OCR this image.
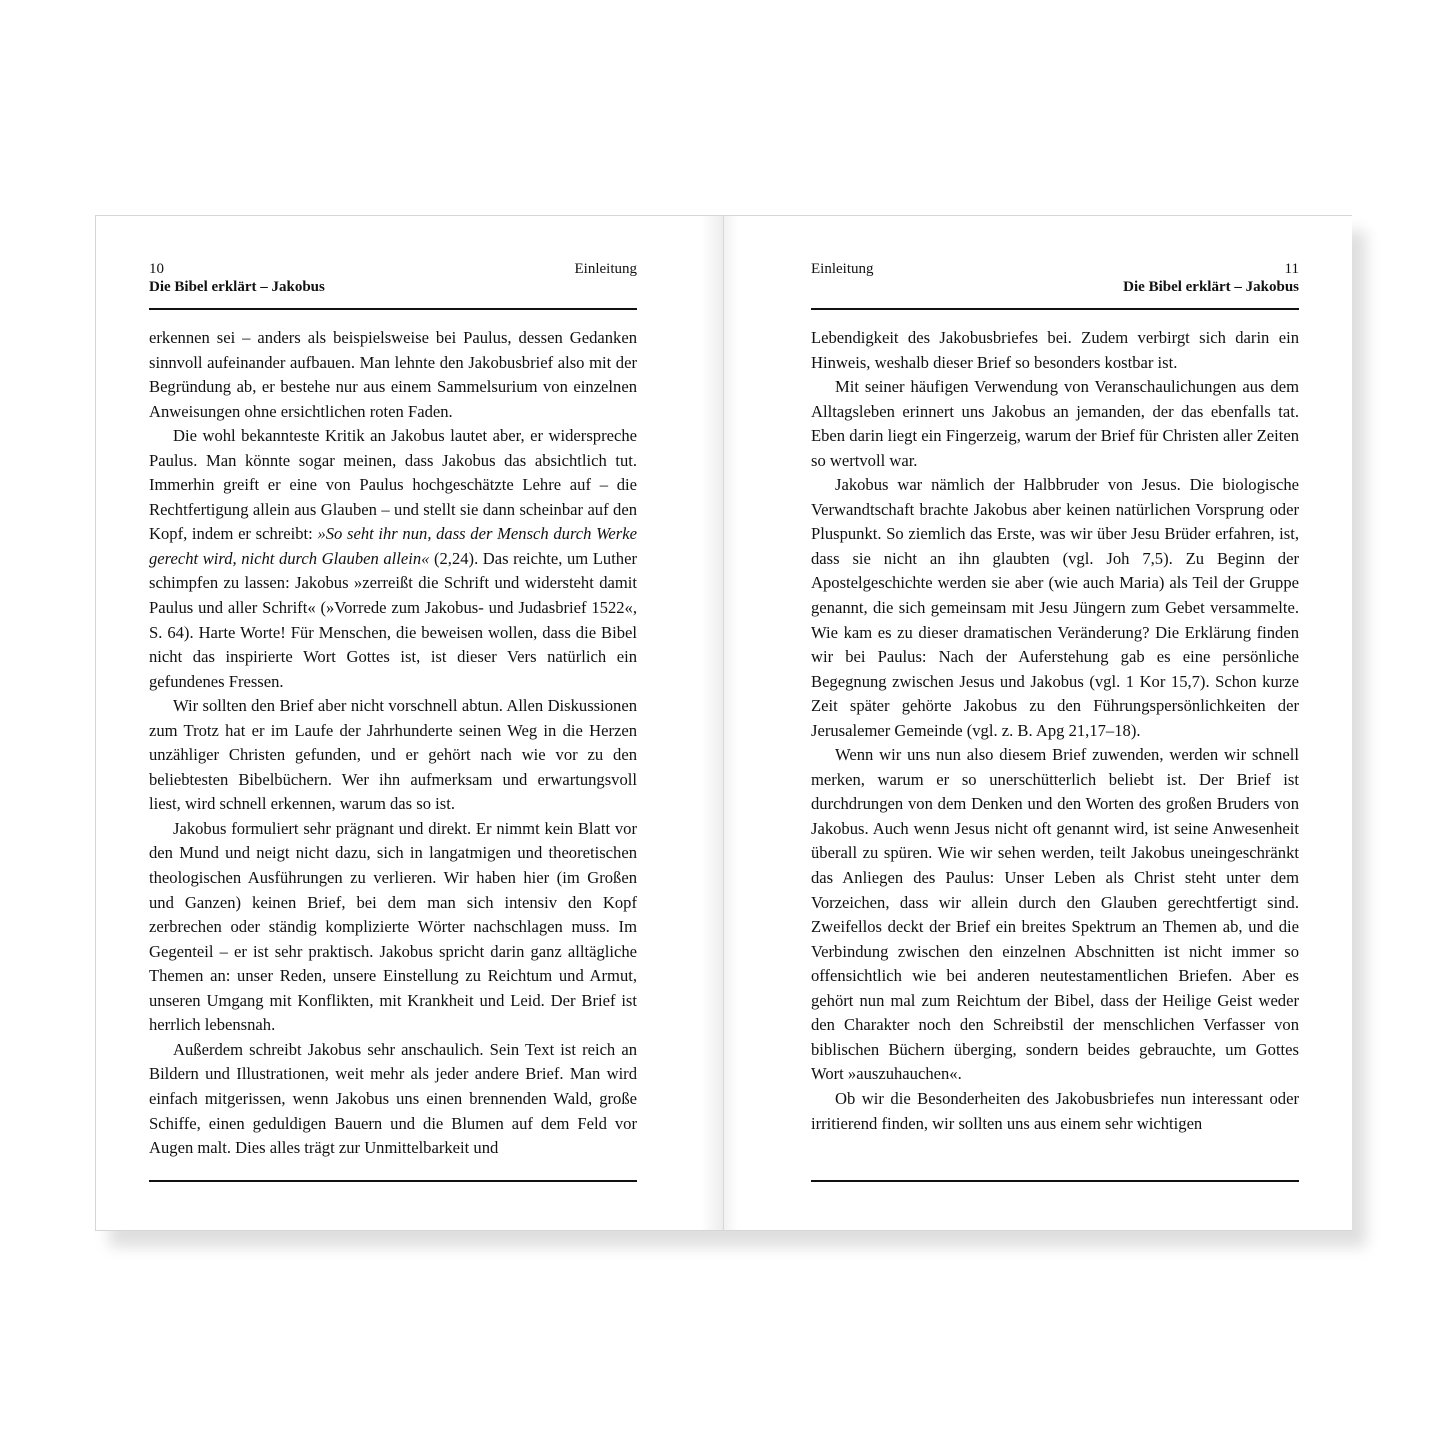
10
Die Bibel erklärt – Jakobus
Einleitung

erkennen sei – anders als beispielsweise bei Paulus, dessen Gedanken sinnvoll aufeinander aufbauen. Man lehnte den Jakobusbrief also mit der Begründung ab, er bestehe nur aus einem Sammelsurium von einzelnen Anweisungen ohne ersichtlichen roten Faden.

Die wohl bekannteste Kritik an Jakobus lautet aber, er widerspreche Paulus. Man könnte sogar meinen, dass Jakobus das absichtlich tut. Immerhin greift er eine von Paulus hochgeschätzte Lehre auf – die Rechtfertigung allein aus Glauben – und stellt sie dann scheinbar auf den Kopf, indem er schreibt: »So seht ihr nun, dass der Mensch durch Werke gerecht wird, nicht durch Glauben allein« (2,24). Das reichte, um Luther schimpfen zu lassen: Jakobus »zerreißt die Schrift und widersteht damit Paulus und aller Schrift« (»Vorrede zum Jakobus- und Judasbrief 1522«, S. 64). Harte Worte! Für Menschen, die beweisen wollen, dass die Bibel nicht das inspirierte Wort Gottes ist, ist dieser Vers natürlich ein gefundenes Fressen.

Wir sollten den Brief aber nicht vorschnell abtun. Allen Diskussionen zum Trotz hat er im Laufe der Jahrhunderte seinen Weg in die Herzen unzähliger Christen gefunden, und er gehört nach wie vor zu den beliebtesten Bibelbüchern. Wer ihn aufmerksam und erwartungsvoll liest, wird schnell erkennen, warum das so ist.

Jakobus formuliert sehr prägnant und direkt. Er nimmt kein Blatt vor den Mund und neigt nicht dazu, sich in langatmigen und theoretischen theologischen Ausführungen zu verlieren. Wir haben hier (im Großen und Ganzen) keinen Brief, bei dem man sich intensiv den Kopf zerbrechen oder ständig komplizierte Wörter nachschlagen muss. Im Gegenteil – er ist sehr praktisch. Jakobus spricht darin ganz alltägliche Themen an: unser Reden, unsere Einstellung zu Reichtum und Armut, unseren Umgang mit Konflikten, mit Krankheit und Leid. Der Brief ist herrlich lebensnah.

Außerdem schreibt Jakobus sehr anschaulich. Sein Text ist reich an Bildern und Illustrationen, weit mehr als jeder andere Brief. Man wird einfach mitgerissen, wenn Jakobus uns einen brennenden Wald, große Schiffe, einen geduldigen Bauern und die Blumen auf dem Feld vor Augen malt. Dies alles trägt zur Unmittelbarkeit und

Einleitung	11
Die Bibel erklärt – Jakobus

Lebendigkeit des Jakobusbriefes bei. Zudem verbirgt sich darin ein Hinweis, weshalb dieser Brief so besonders kostbar ist.

Mit seiner häufigen Verwendung von Veranschaulichungen aus dem Alltagsleben erinnert uns Jakobus an jemanden, der das ebenfalls tat. Eben darin liegt ein Fingerzeig, warum der Brief für Christen aller Zeiten so wertvoll war.

Jakobus war nämlich der Halbbruder von Jesus. Die biologische Verwandtschaft brachte Jakobus aber keinen natürlichen Vorsprung oder Pluspunkt. So ziemlich das Erste, was wir über Jesu Brüder erfahren, ist, dass sie nicht an ihn glaubten (vgl. Joh 7,5). Zu Beginn der Apostelgeschichte werden sie aber (wie auch Maria) als Teil der Gruppe genannt, die sich gemeinsam mit Jesu Jüngern zum Gebet versammelte. Wie kam es zu dieser dramatischen Veränderung? Die Erklärung finden wir bei Paulus: Nach der Auferstehung gab es eine persönliche Begegnung zwischen Jesus und Jakobus (vgl. 1 Kor 15,7). Schon kurze Zeit später gehörte Jakobus zu den Führungspersönlichkeiten der Jerusalemer Gemeinde (vgl. z. B. Apg 21,17–18).

Wenn wir uns nun also diesem Brief zuwenden, werden wir schnell merken, warum er so unerschütterlich beliebt ist. Der Brief ist durchdrungen von dem Denken und den Worten des großen Bruders von Jakobus. Auch wenn Jesus nicht oft genannt wird, ist seine Anwesenheit überall zu spüren. Wie wir sehen werden, teilt Jakobus uneingeschränkt das Anliegen des Paulus: Unser Leben als Christ steht unter dem Vorzeichen, dass wir allein durch den Glauben gerechtfertigt sind. Zweifellos deckt der Brief ein breites Spektrum an Themen ab, und die Verbindung zwischen den einzelnen Abschnitten ist nicht immer so offensichtlich wie bei anderen neutestamentlichen Briefen. Aber es gehört nun mal zum Reichtum der Bibel, dass der Heilige Geist weder den Charakter noch den Schreibstil der menschlichen Verfasser von biblischen Büchern überging, sondern beides gebrauchte, um Gottes Wort »auszuhauchen«.

Ob wir die Besonderheiten des Jakobusbriefes nun interessant oder irritierend finden, wir sollten uns aus einem sehr wichtigen
